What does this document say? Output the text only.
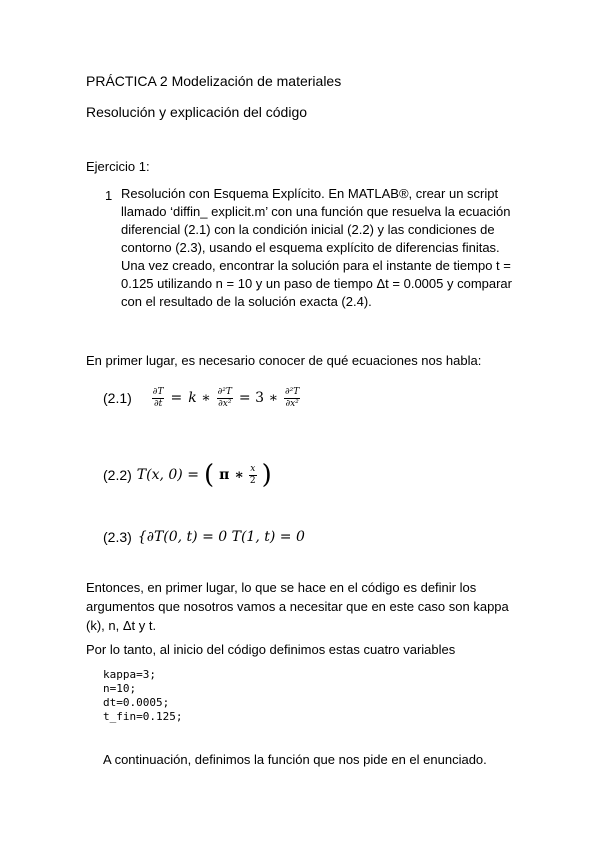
PRÁCTICA 2 Modelización de materiales
Resolución y explicación del código
Ejercicio 1:
1 Resolución con Esquema Explícito. En MATLAB®, crear un script
llamado ‘diffin_ explicit.m’ con una función que resuelva la ecuación
diferencial (2.1) con la condición inicial (2.2) y las condiciones de
contorno (2.3), usando el esquema explícito de diferencias finitas.
Una vez creado, encontrar la solución para el instante de tiempo t =
0.125 utilizando n = 10 y un paso de tiempo Δt = 0.0005 y comparar
con el resultado de la solución exacta (2.4).
En primer lugar, es necesario conocer de qué ecuaciones nos habla:
$(2.1) \frac{\partial T}{\partial t} = k$ ∗ $\frac{\text{∂²T}}{\text{∂x²}} = 3$ ∗ $\frac{\text{∂²T}}{\text{∂x²}}$
(2.2) T(x, 0) = ( π ∗ $\frac{x}{2}$ )
(2.3) {∂T(0, t) = 0 T(1, t) = 0
Entonces, en primer lugar, lo que se hace en el código es definir los
argumentos que nosotros vamos a necesitar que en este caso son kappa
(k), n, Δt y t.
Por lo tanto, al inicio del código definimos estas cuatro variables
kappa=3;
n=10;
dt=0.0005;
t_fin=0.125;
A continuación, definimos la función que nos pide en el enunciado.
